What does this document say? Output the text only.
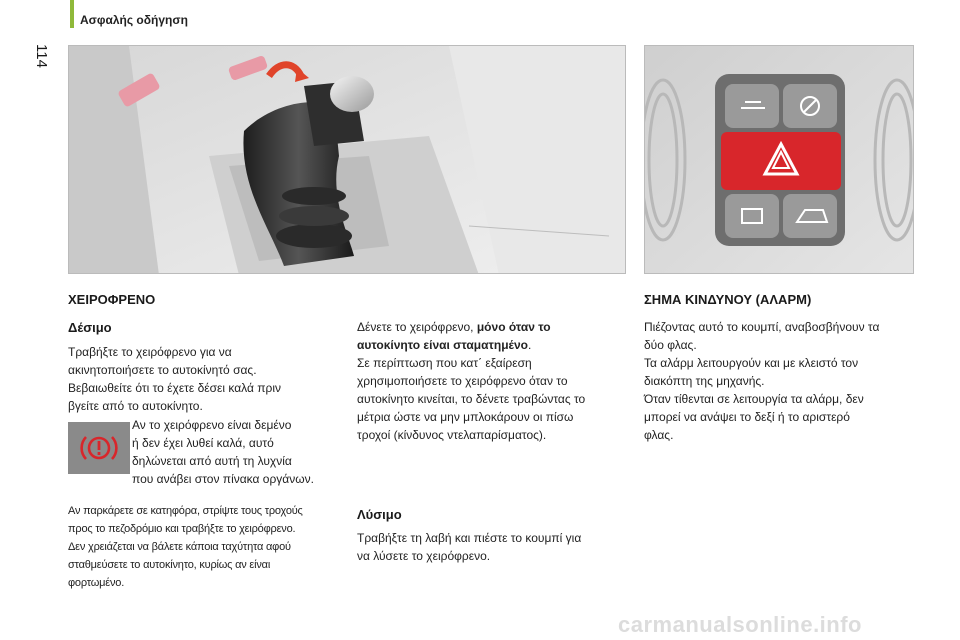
114
Ασφαλής οδήγηση
ΧΕΙΡΟΦΡΕΝΟ
Δέσιμο
Τραβήξτε το χειρόφρενο για να
ακινητοποιήσετε το αυτοκίνητό σας.
Βεβαιωθείτε ότι το έχετε δέσει καλά πριν
βγείτε από το αυτοκίνητο.
Αν το χειρόφρενο είναι δεμένο
ή δεν έχει λυθεί καλά, αυτό
δηλώνεται από αυτή τη λυχνία
που ανάβει στον πίνακα οργάνων.
Αν παρκάρετε σε κατηφόρα, στρίψτε τους τροχούς
προς το πεζοδρόμιο και τραβήξτε το χειρόφρενο.
Δεν χρειάζεται να βάλετε κάποια ταχύτητα αφού
σταθμεύσετε το αυτοκίνητο, κυρίως αν είναι
φορτωμένο.
Δένετε το χειρόφρενο, μόνο όταν το
αυτοκίνητο είναι σταματημένο.
Σε περίπτωση που κατ΄ εξαίρεση
χρησιμοποιήσετε το χειρόφρενο όταν το
αυτοκίνητο κινείται, το δένετε τραβώντας το
μέτρια ώστε να μην μπλοκάρουν οι πίσω
τροχοί (κίνδυνος ντελαπαρίσματος).
Λύσιμο
Τραβήξτε τη λαβή και πιέστε το κουμπί για
να λύσετε το χειρόφρενο.
ΣΗΜΑ ΚΙΝΔΥΝΟΥ (ΑΛΑΡΜ)
Πιέζοντας αυτό το κουμπί, αναβοσβήνουν τα
δύο φλας.
Τα αλάρμ λειτουργούν και με κλειστό τον
διακόπτη της μηχανής.
Όταν τίθενται σε λειτουργία τα αλάρμ, δεν
μπορεί να ανάψει το δεξί ή το αριστερό
φλας.
carmanualsonline.info
